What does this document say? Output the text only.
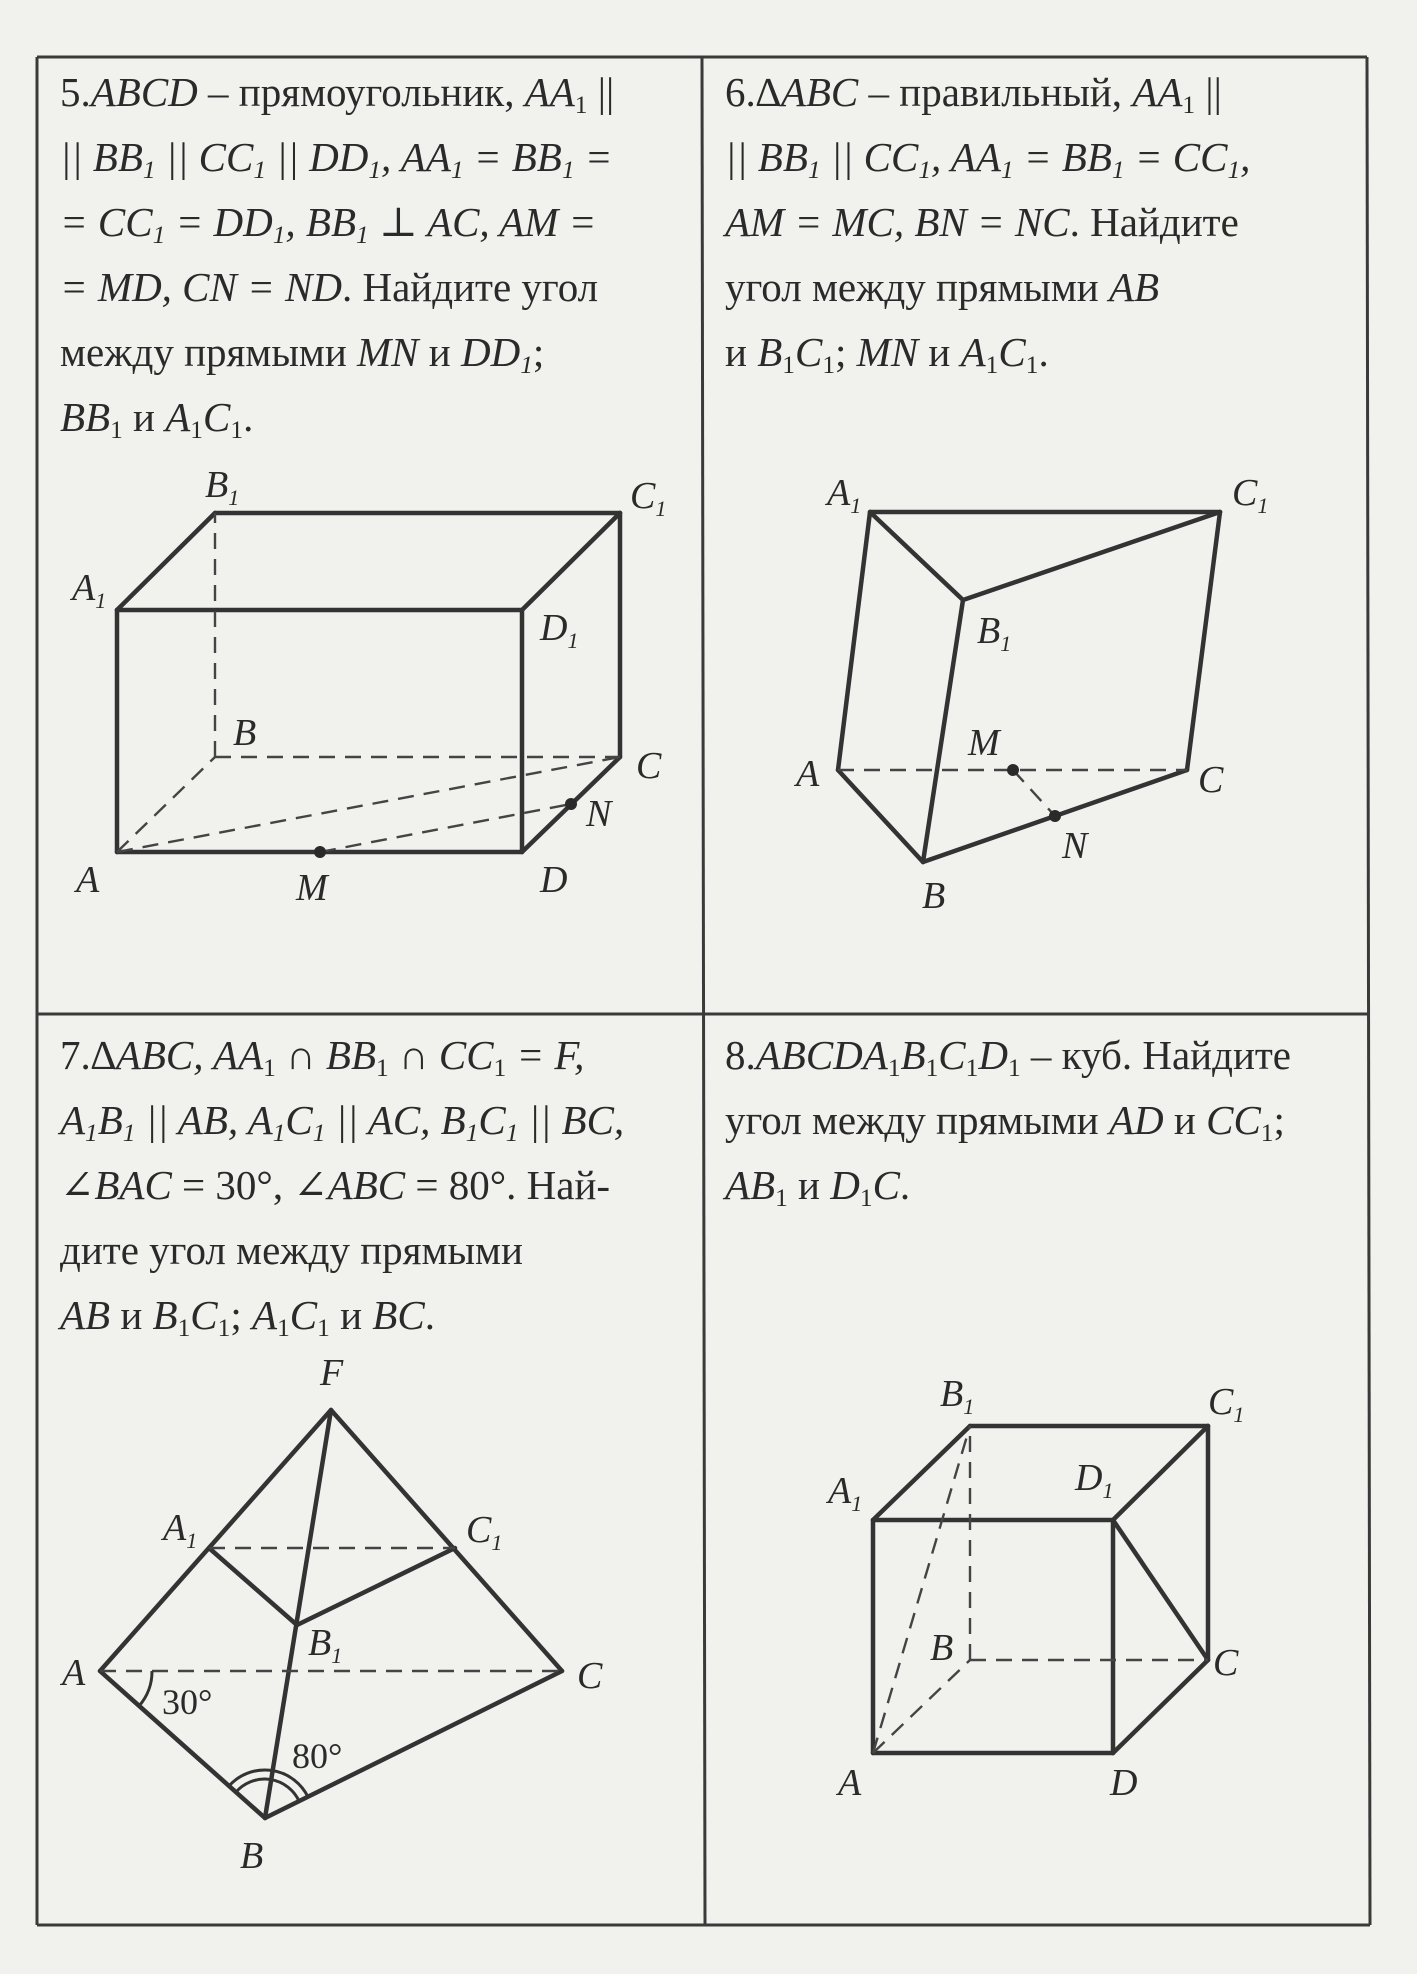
5.ABCD – прямоугольник, $AA_1$ ||
|| $BB_1$ || $CC_1$ || $DD_1$, $AA_1 = BB_1$ =
= $CC_1 = DD_1$, $BB_1$ ⊥ AC, AM =
= MD, CN = ND. Найдите угол
между прямыми MN и $DD_1$;
$BB_1$ и $A_1C_1$.
6.∆ABC – правильный, $AA_1$ ||
|| $BB_1$ || $CC_1$, $AA_1 = BB_1 = CC_1$,
AM = MC, BN = NC. Найдите
угол между прямыми AB
и $B_1C_1$; MN и $A_1C_1$.
7.∆ABC, $AA_1$ ∩ $BB_1$ ∩ $CC_1 = F$,
$A_1B_1$ || AB, $A_1C_1$ || AC, $B_1C_1$ || BC,
∠BAC = 30°, ∠ABC = 80°. Най-
дите угол между прямыми
AB и $B_1C_1$; $A_1C_1$ и BC.
$8.ABCDA_1B_1C_1D_1$ – куб. Найдите
угол между прямыми AD и $CC_1$;
$AB_1$ и $D_1C$.
A	M	D
N
C
B
$A_1$
$B_1$	$C_1$
$D_1$
$A_1$	$C_1$
$B_1$
M
A	C
N
B
F
$A_1$	$C_1$
$B_1$
A	C
B
30°
80°
$B_1$	$C_1$
$A_1$
$D_1$
B	C
A	D
